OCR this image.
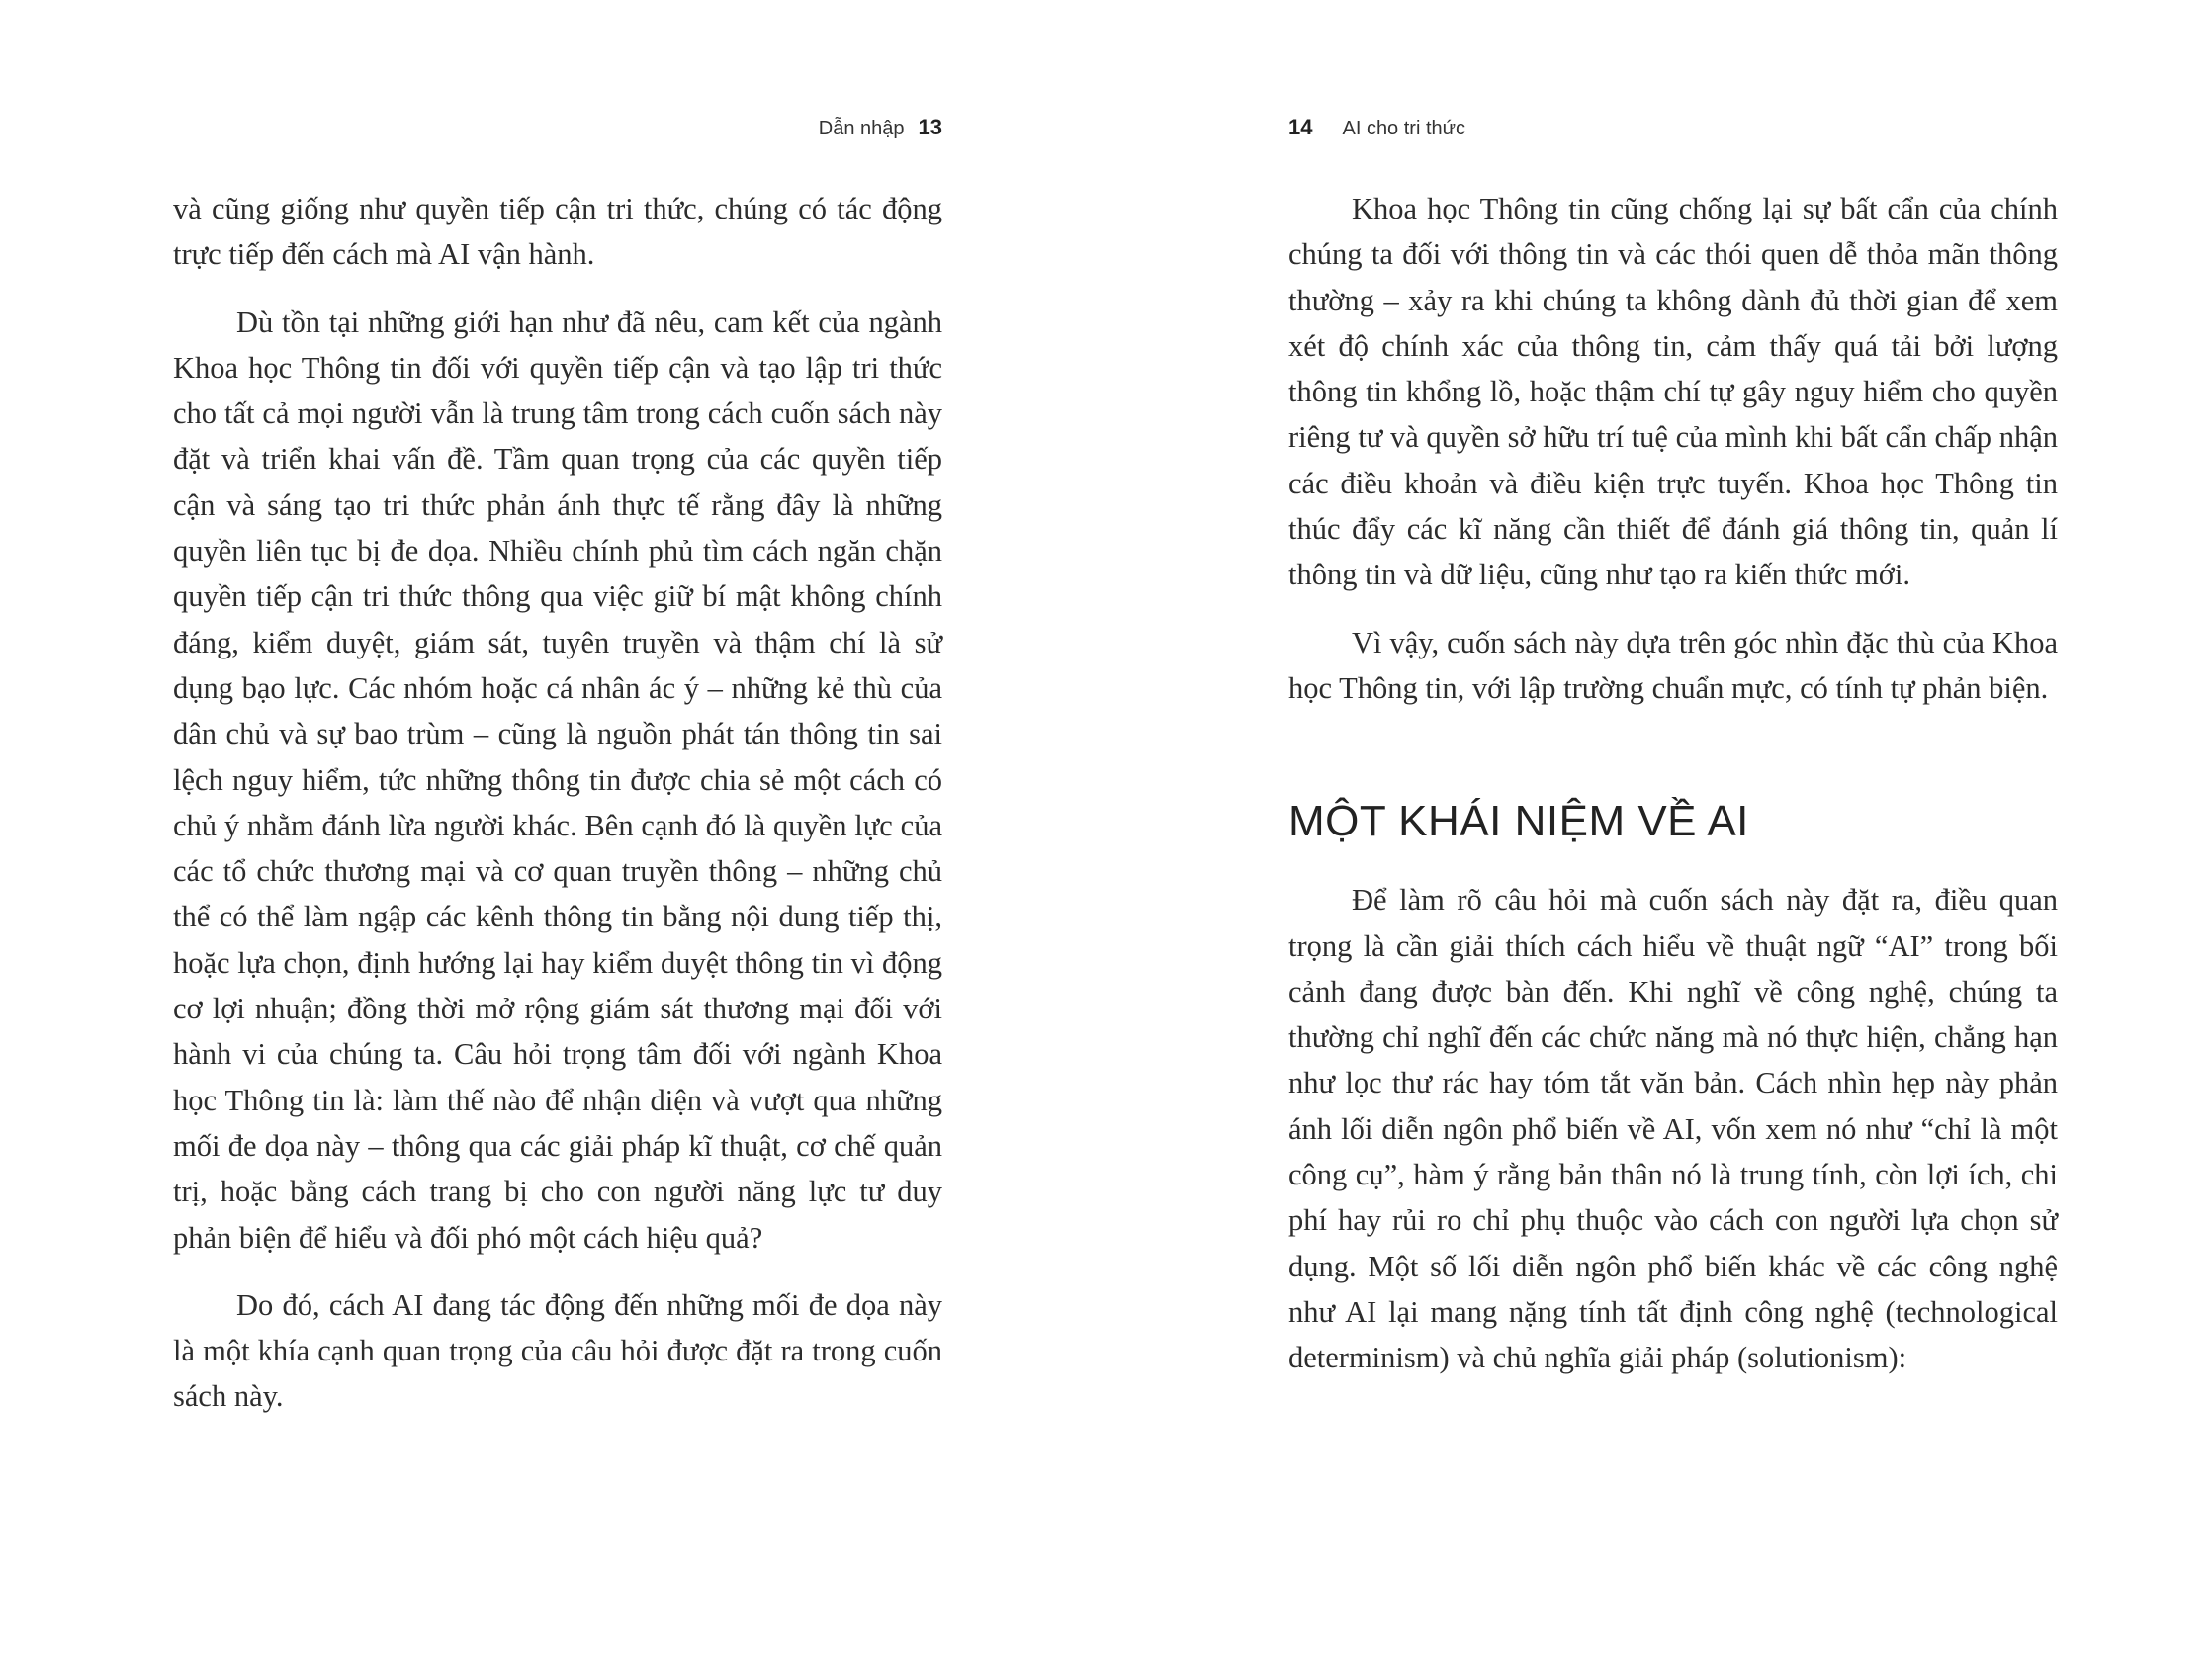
Dẫn nhập 13

và cũng giống như quyền tiếp cận tri thức, chúng có tác động trực tiếp đến cách mà AI vận hành.

Dù tồn tại những giới hạn như đã nêu, cam kết của ngành Khoa học Thông tin đối với quyền tiếp cận và tạo lập tri thức cho tất cả mọi người vẫn là trung tâm trong cách cuốn sách này đặt và triển khai vấn đề. Tầm quan trọng của các quyền tiếp cận và sáng tạo tri thức phản ánh thực tế rằng đây là những quyền liên tục bị đe dọa. Nhiều chính phủ tìm cách ngăn chặn quyền tiếp cận tri thức thông qua việc giữ bí mật không chính đáng, kiểm duyệt, giám sát, tuyên truyền và thậm chí là sử dụng bạo lực. Các nhóm hoặc cá nhân ác ý – những kẻ thù của dân chủ và sự bao trùm – cũng là nguồn phát tán thông tin sai lệch nguy hiểm, tức những thông tin được chia sẻ một cách có chủ ý nhằm đánh lừa người khác. Bên cạnh đó là quyền lực của các tổ chức thương mại và cơ quan truyền thông – những chủ thể có thể làm ngập các kênh thông tin bằng nội dung tiếp thị, hoặc lựa chọn, định hướng lại hay kiểm duyệt thông tin vì động cơ lợi nhuận; đồng thời mở rộng giám sát thương mại đối với hành vi của chúng ta. Câu hỏi trọng tâm đối với ngành Khoa học Thông tin là: làm thế nào để nhận diện và vượt qua những mối đe dọa này – thông qua các giải pháp kĩ thuật, cơ chế quản trị, hoặc bằng cách trang bị cho con người năng lực tư duy phản biện để hiểu và đối phó một cách hiệu quả?

Do đó, cách AI đang tác động đến những mối đe dọa này là một khía cạnh quan trọng của câu hỏi được đặt ra trong cuốn sách này.

14 AI cho tri thức

Khoa học Thông tin cũng chống lại sự bất cẩn của chính chúng ta đối với thông tin và các thói quen dễ thỏa mãn thông thường – xảy ra khi chúng ta không dành đủ thời gian để xem xét độ chính xác của thông tin, cảm thấy quá tải bởi lượng thông tin khổng lồ, hoặc thậm chí tự gây nguy hiểm cho quyền riêng tư và quyền sở hữu trí tuệ của mình khi bất cẩn chấp nhận các điều khoản và điều kiện trực tuyến. Khoa học Thông tin thúc đẩy các kĩ năng cần thiết để đánh giá thông tin, quản lí thông tin và dữ liệu, cũng như tạo ra kiến thức mới.

Vì vậy, cuốn sách này dựa trên góc nhìn đặc thù của Khoa học Thông tin, với lập trường chuẩn mực, có tính tự phản biện.

MỘT KHÁI NIỆM VỀ AI

Để làm rõ câu hỏi mà cuốn sách này đặt ra, điều quan trọng là cần giải thích cách hiểu về thuật ngữ “AI” trong bối cảnh đang được bàn đến. Khi nghĩ về công nghệ, chúng ta thường chỉ nghĩ đến các chức năng mà nó thực hiện, chẳng hạn như lọc thư rác hay tóm tắt văn bản. Cách nhìn hẹp này phản ánh lối diễn ngôn phổ biến về AI, vốn xem nó như “chỉ là một công cụ”, hàm ý rằng bản thân nó là trung tính, còn lợi ích, chi phí hay rủi ro chỉ phụ thuộc vào cách con người lựa chọn sử dụng. Một số lối diễn ngôn phổ biến khác về các công nghệ như AI lại mang nặng tính tất định công nghệ (technological determinism) và chủ nghĩa giải pháp (solutionism):
